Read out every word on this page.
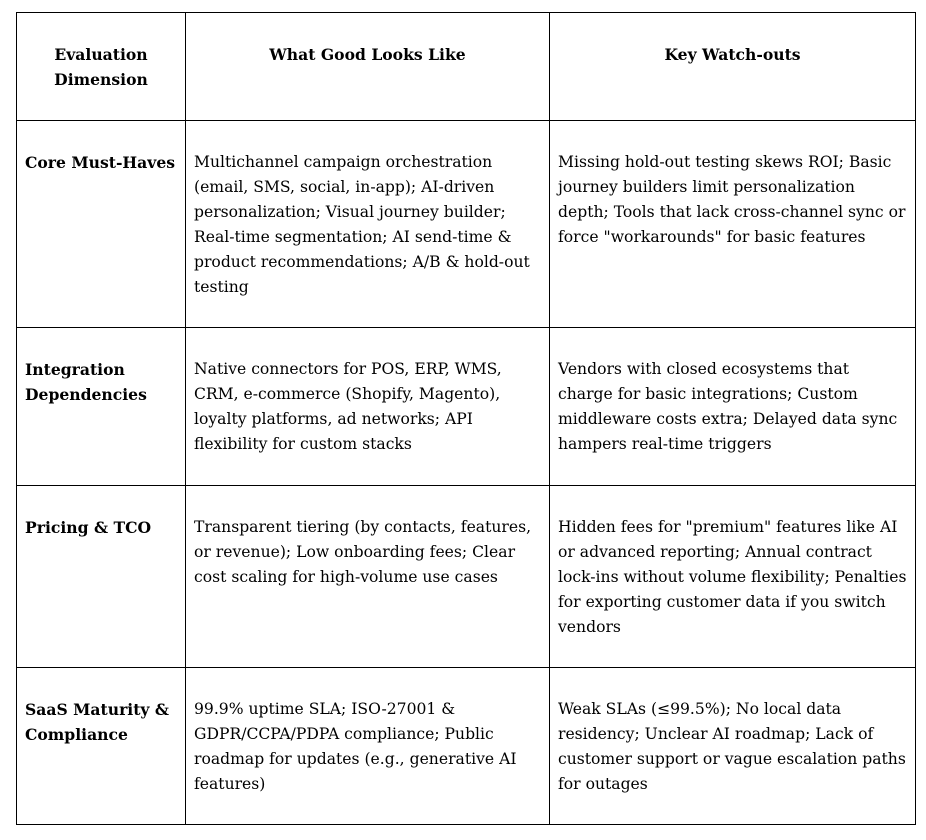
Evaluation Dimension	What Good Looks Like	Key Watch-outs
Core Must-Haves	Multichannel campaign orchestration (email, SMS, social, in-app); AI-driven personalization; Visual journey builder; Real-time segmentation; AI send-time & product recommendations; A/B & hold-out testing	Missing hold-out testing skews ROI; Basic journey builders limit personalization depth; Tools that lack cross-channel sync or force "workarounds" for basic features
Integration Dependencies	Native connectors for POS, ERP, WMS, CRM, e-commerce (Shopify, Magento), loyalty platforms, ad networks; API flexibility for custom stacks	Vendors with closed ecosystems that charge for basic integrations; Custom middleware costs extra; Delayed data sync hampers real-time triggers
Pricing & TCO	Transparent tiering (by contacts, features, or revenue); Low onboarding fees; Clear cost scaling for high-volume use cases	Hidden fees for "premium" features like AI or advanced reporting; Annual contract lock-ins without volume flexibility; Penalties for exporting customer data if you switch vendors
SaaS Maturity & Compliance	99.9% uptime SLA; ISO-27001 & GDPR/CCPA/PDPA compliance; Public roadmap for updates (e.g., generative AI features)	Weak SLAs (≤99.5%); No local data residency; Unclear AI roadmap; Lack of customer support or vague escalation paths for outages
